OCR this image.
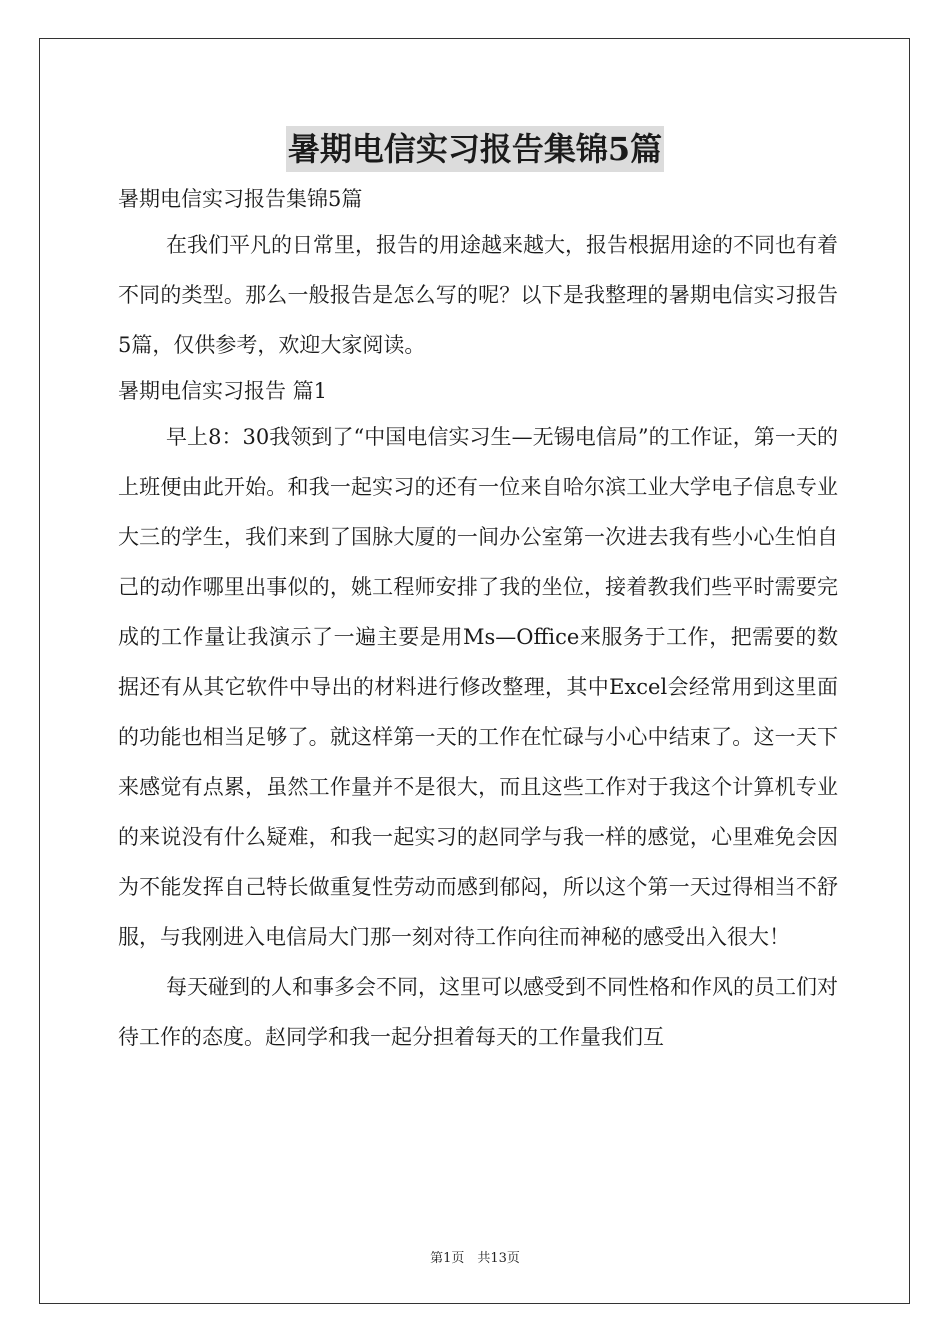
暑期电信实习报告集锦5篇

暑期电信实习报告集锦5篇

在我们平凡的日常里，报告的用途越来越大，报告根据用途的不同也有着不同的类型。那么一般报告是怎么写的呢？以下是我整理的暑期电信实习报告5篇，仅供参考，欢迎大家阅读。

暑期电信实习报告 篇1

早上8：30我领到了“中国电信实习生—无锡电信局”的工作证，第一天的上班便由此开始。和我一起实习的还有一位来自哈尔滨工业大学电子信息专业大三的学生，我们来到了国脉大厦的一间办公室第一次进去我有些小心生怕自己的动作哪里出事似的，姚工程师安排了我的坐位，接着教我们些平时需要完成的工作量让我演示了一遍主要是用Ms—Office来服务于工作，把需要的数据还有从其它软件中导出的材料进行修改整理，其中Excel会经常用到这里面的功能也相当足够了。就这样第一天的工作在忙碌与小心中结束了。这一天下来感觉有点累，虽然工作量并不是很大，而且这些工作对于我这个计算机专业的来说没有什么疑难，和我一起实习的赵同学与我一样的感觉，心里难免会因为不能发挥自己特长做重复性劳动而感到郁闷，所以这个第一天过得相当不舒服，与我刚进入电信局大门那一刻对待工作向往而神秘的感受出入很大！

每天碰到的人和事多会不同，这里可以感受到不同性格和作风的员工们对待工作的态度。赵同学和我一起分担着每天的工作量我们互

第1页　共13页
